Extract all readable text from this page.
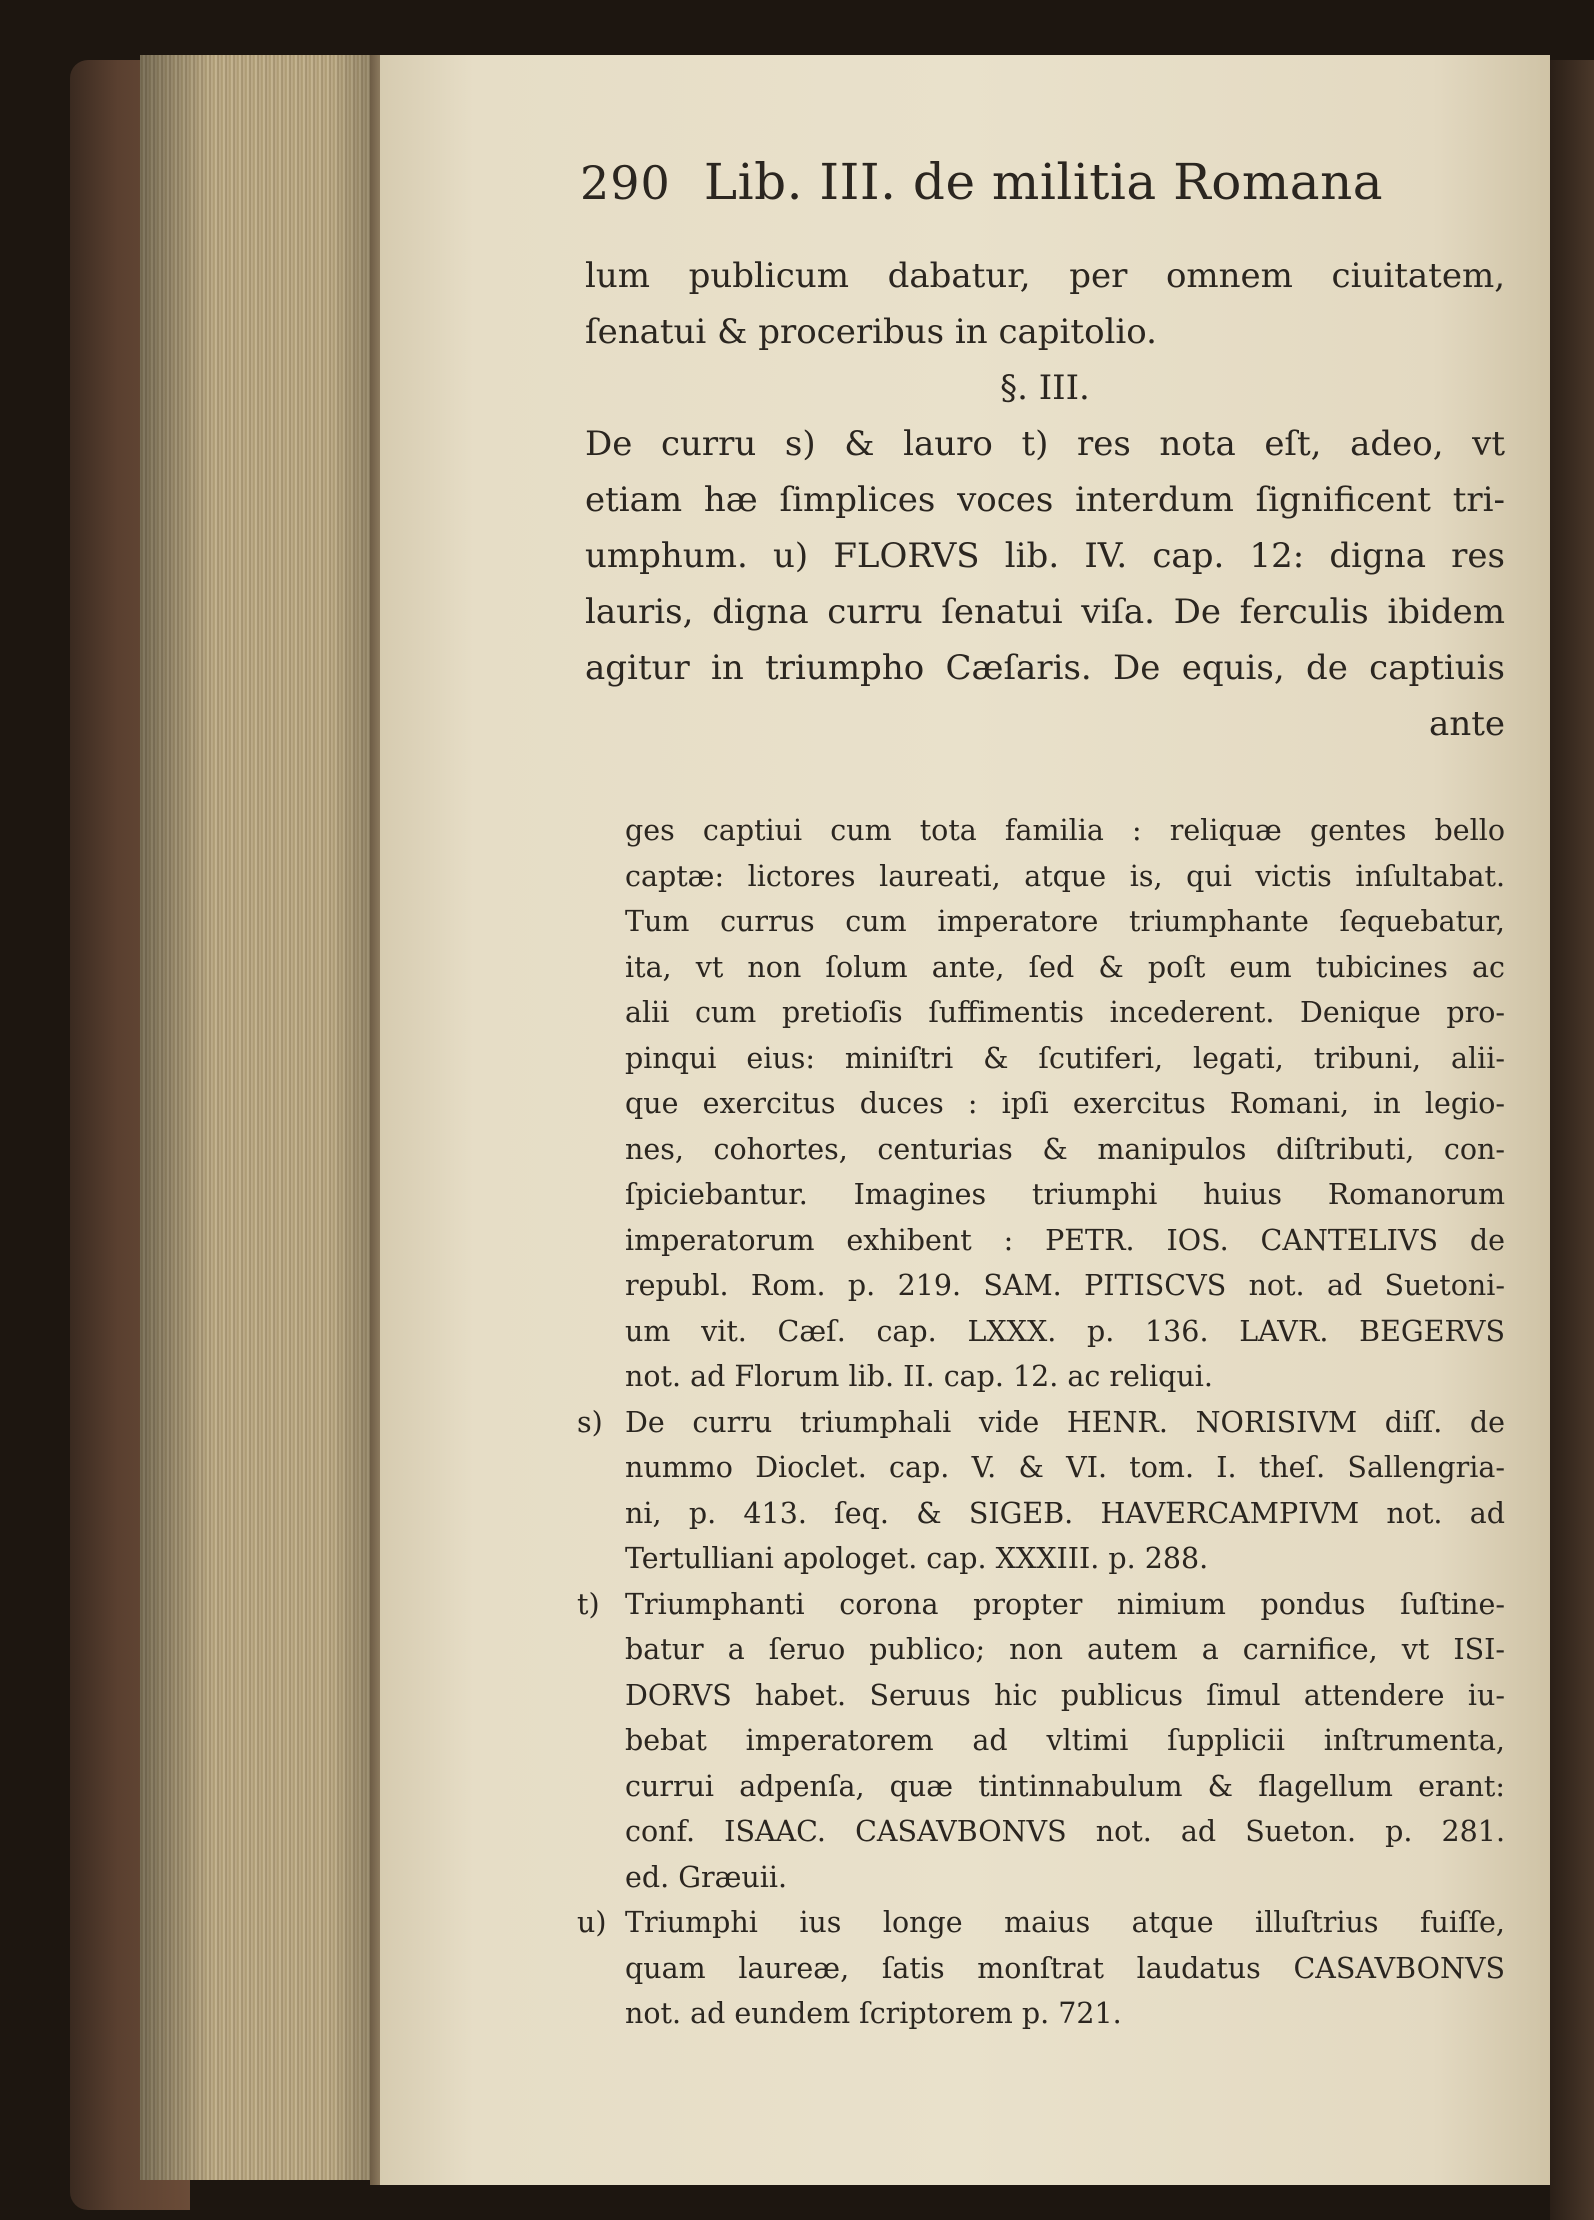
290 Lib. III. de militia Romana
lum publicum dabatur, per omnem ciuitatem,
ſenatui & proceribus in capitolio.
§. III.
De curru s) & lauro t) res nota eſt, adeo, vt
etiam hæ ſimplices voces interdum ſignificent tri-
umphum. u) FLORVS lib. IV. cap. 12: digna res
lauris, digna curru ſenatui viſa. De ferculis ibidem
agitur in triumpho Cæſaris. De equis, de captiuis
ante
ges captiui cum tota familia : reliquæ gentes bello
captæ: lictores laureati, atque is, qui victis inſultabat.
Tum currus cum imperatore triumphante ſequebatur,
ita, vt non ſolum ante, ſed & poſt eum tubicines ac
alii cum pretioſis ſuffimentis incederent. Denique pro-
pinqui eius: miniſtri & ſcutiferi, legati, tribuni, alii-
que exercitus duces : ipſi exercitus Romani, in legio-
nes, cohortes, centurias & manipulos diſtributi, con-
ſpiciebantur. Imagines triumphi huius Romanorum
imperatorum exhibent : PETR. IOS. CANTELIVS de
republ. Rom. p. 219. SAM. PITISCVS not. ad Suetoni-
um vit. Cæſ. cap. LXXX. p. 136. LAVR. BEGERVS
not. ad Florum lib. II. cap. 12. ac reliqui.
s) De curru triumphali vide HENR. NORISIVM diſſ. de
nummo Dioclet. cap. V. & VI. tom. I. theſ. Sallengria-
ni, p. 413. ſeq. & SIGEB. HAVERCAMPIVM not. ad
Tertulliani apologet. cap. XXXIII. p. 288.
t) Triumphanti corona propter nimium pondus ſuſtine-
batur a ſeruo publico; non autem a carnifice, vt ISI-
DORVS habet. Seruus hic publicus ſimul attendere iu-
bebat imperatorem ad vltimi ſupplicii inſtrumenta,
currui adpenſa, quæ tintinnabulum & flagellum erant:
conf. ISAAC. CASAVBONVS not. ad Sueton. p. 281.
ed. Græuii.
u) Triumphi ius longe maius atque illuſtrius fuiſſe,
quam laureæ, ſatis monſtrat laudatus CASAVBONVS
not. ad eundem ſcriptorem p. 721.
